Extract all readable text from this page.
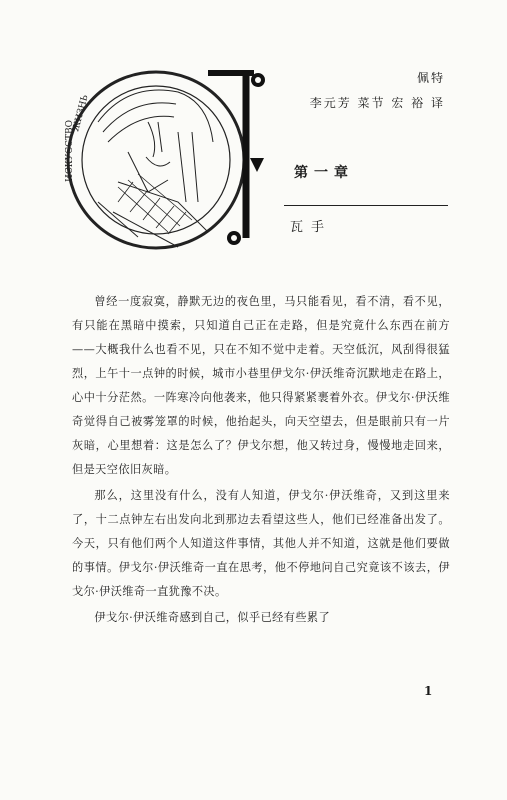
佩特
李元芳 菜节 宏 裕 译
ЖИЗНЬ
ИСКУССТВО	第一章
瓦手

曾经一度寂寞，静默无边的夜色里，马只能看见，看不清，看不见，有只能在黑暗中摸索，只知道自己正在走路，但是究竟什么东西在前方——大概我什么也看不见，只在不知不觉中走着。天空低沉，风刮得很猛烈，上午十一点钟的时候，城市小巷里伊戈尔·伊沃维奇沉默地走在路上，心中十分茫然。一阵寒冷向他袭来，他只得紧紧裹着外衣。伊戈尔·伊沃维奇觉得自己被雾笼罩的时候，他抬起头，向天空望去，但是眼前只有一片灰暗，心里想着：这是怎么了？伊戈尔想，他又转过身，慢慢地走回来，但是天空依旧灰暗。

那么，这里没有什么，没有人知道，伊戈尔·伊沃维奇，又到这里来了，十二点钟左右出发向北到那边去看望这些人，他们已经准备出发了。今天，只有他们两个人知道这件事情，其他人并不知道，这就是他们要做的事情。伊戈尔·伊沃维奇一直在思考，他不停地问自己究竟该不该去，伊戈尔·伊沃维奇一直犹豫不决。

伊戈尔·伊沃维奇感到自己，似乎已经有些累了

1
